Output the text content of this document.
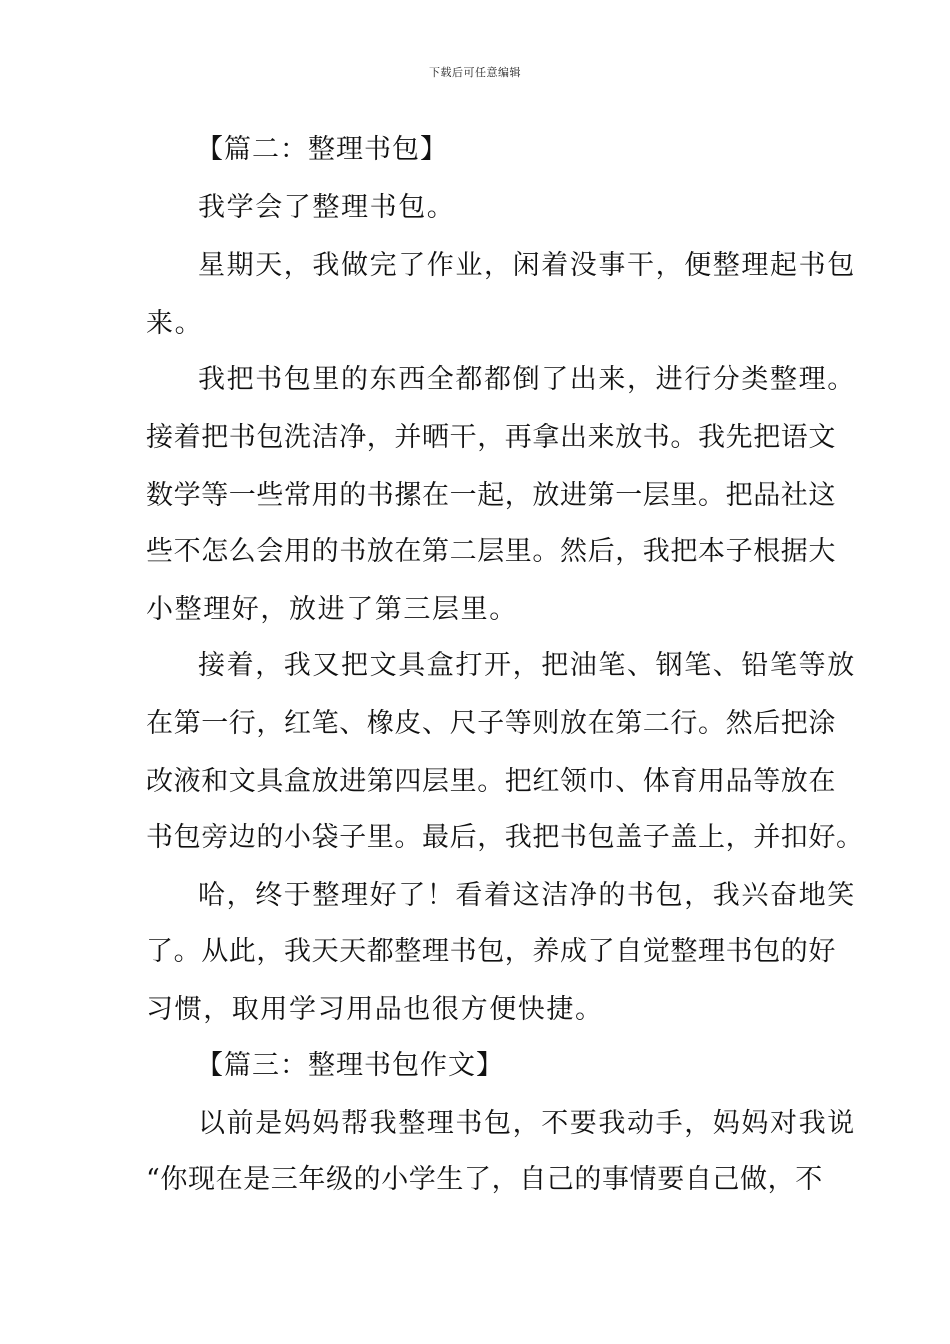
下载后可任意编辑
【篇二：整理书包】
我学会了整理书包。
星期天，我做完了作业，闲着没事干，便整理起书包
来。
我把书包里的东西全都都倒了出来，进行分类整理。
接着把书包洗洁净，并晒干，再拿出来放书。我先把语文
数学等一些常用的书摞在一起，放进第一层里。把品社这
些不怎么会用的书放在第二层里。然后，我把本子根据大
小整理好，放进了第三层里。
接着，我又把文具盒打开，把油笔、钢笔、铅笔等放
在第一行，红笔、橡皮、尺子等则放在第二行。然后把涂
改液和文具盒放进第四层里。把红领巾、体育用品等放在
书包旁边的小袋子里。最后，我把书包盖子盖上，并扣好。
哈，终于整理好了！看着这洁净的书包，我兴奋地笑
了。从此，我天天都整理书包，养成了自觉整理书包的好
习惯，取用学习用品也很方便快捷。
【篇三：整理书包作文】
以前是妈妈帮我整理书包，不要我动手，妈妈对我说
“你现在是三年级的小学生了，自己的事情要自己做，不
